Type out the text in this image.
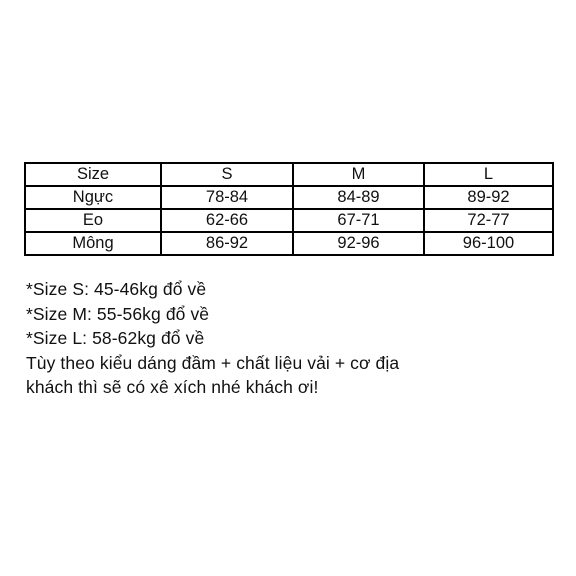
Size	S	M	L
Ngực	78-84	84-89	89-92
Eo	62-66	67-71	72-77
Mông	86-92	92-96	96-100
*Size S: 45-46kg đổ về
*Size M: 55-56kg đổ về
*Size L: 58-62kg đổ về
Tùy theo kiểu dáng đầm + chất liệu vải + cơ địa
khách thì sẽ có xê xích nhé khách ơi!
